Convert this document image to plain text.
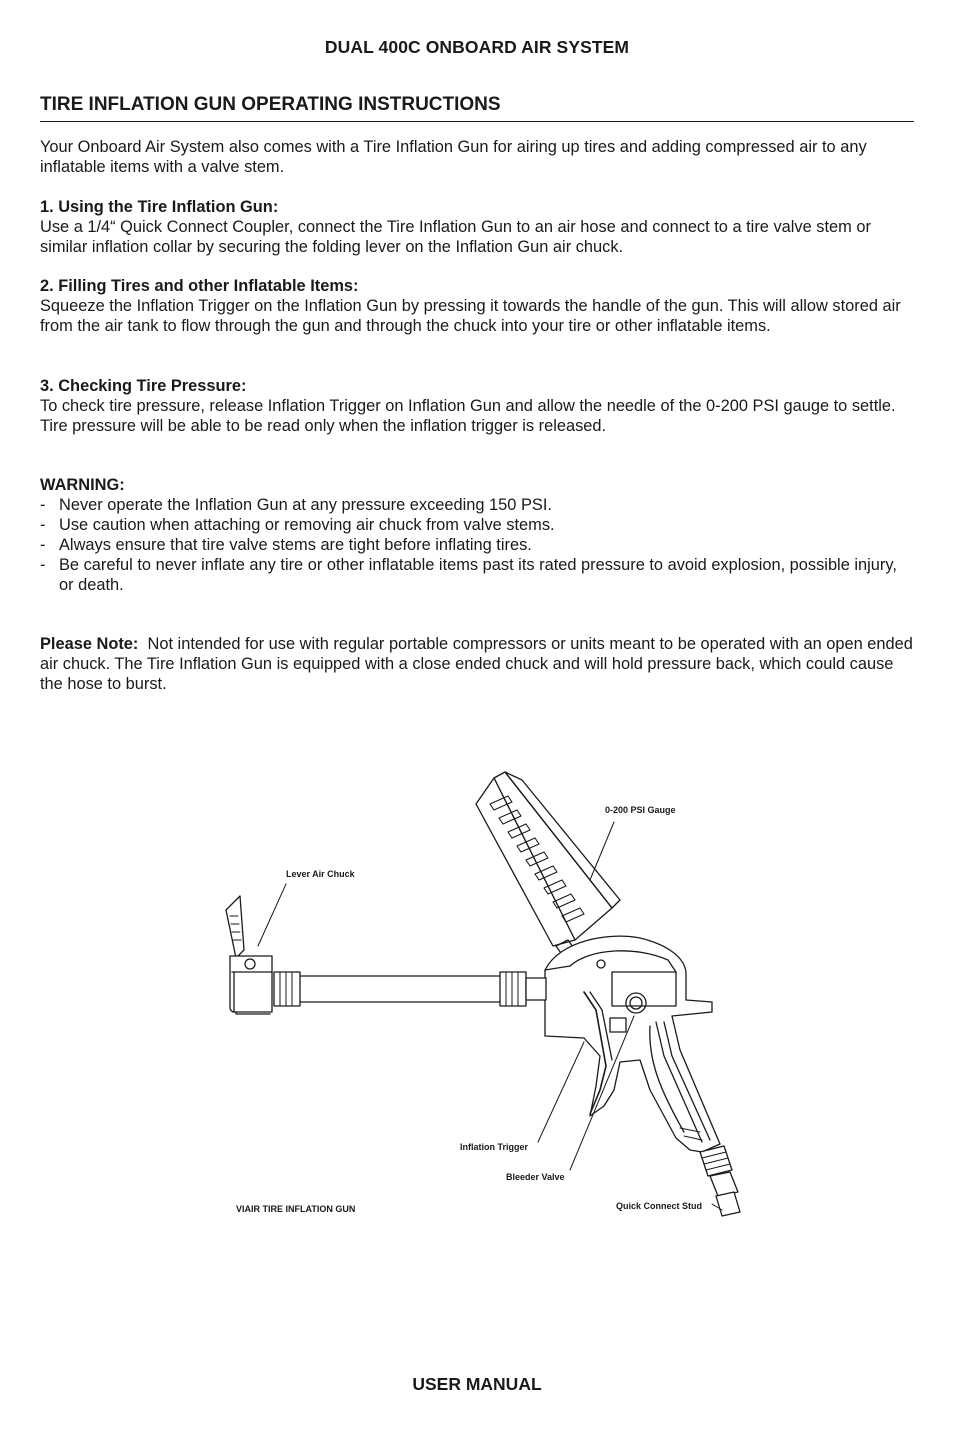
DUAL 400C ONBOARD AIR SYSTEM
TIRE INFLATION GUN OPERATING INSTRUCTIONS

Your Onboard Air System also comes with a Tire Inflation Gun for airing up tires and adding compressed air to any inflatable items with a valve stem.

1. Using the Tire Inflation Gun:

Use a 1/4“ Quick Connect Coupler, connect the Tire Inflation Gun to an air hose and connect to a tire valve stem or similar inflation collar by securing the folding lever on the Inflation Gun air chuck.

2. Filling Tires and other Inflatable Items:

Squeeze the Inflation Trigger on the Inflation Gun by pressing it towards the handle of the gun. This will allow stored air from the air tank to flow through the gun and through the chuck into your tire or other inflatable items.

3. Checking Tire Pressure:

To check tire pressure, release Inflation Trigger on Inflation Gun and allow the needle of the 0-200 PSI gauge to settle. Tire pressure will be able to be read only when the inflation trigger is released.

WARNING:

- Never operate the Inflation Gun at any pressure exceeding 150 PSI.
- Use caution when attaching or removing air chuck from valve stems.
- Always ensure that tire valve stems are tight before inflating tires.
- Be careful to never inflate any tire or other inflatable items past its rated pressure to avoid explosion, possible injury, or death.

Please Note: Not intended for use with regular portable compressors or units meant to be operated with an open ended air chuck. The Tire Inflation Gun is equipped with a close ended chuck and will hold pressure back, which could cause the hose to burst.

0-200 PSI Gauge
Lever Air Chuck
Inflation Trigger
Bleeder Valve
Quick Connect Stud
VIAIR TIRE INFLATION GUN
USER MANUAL
